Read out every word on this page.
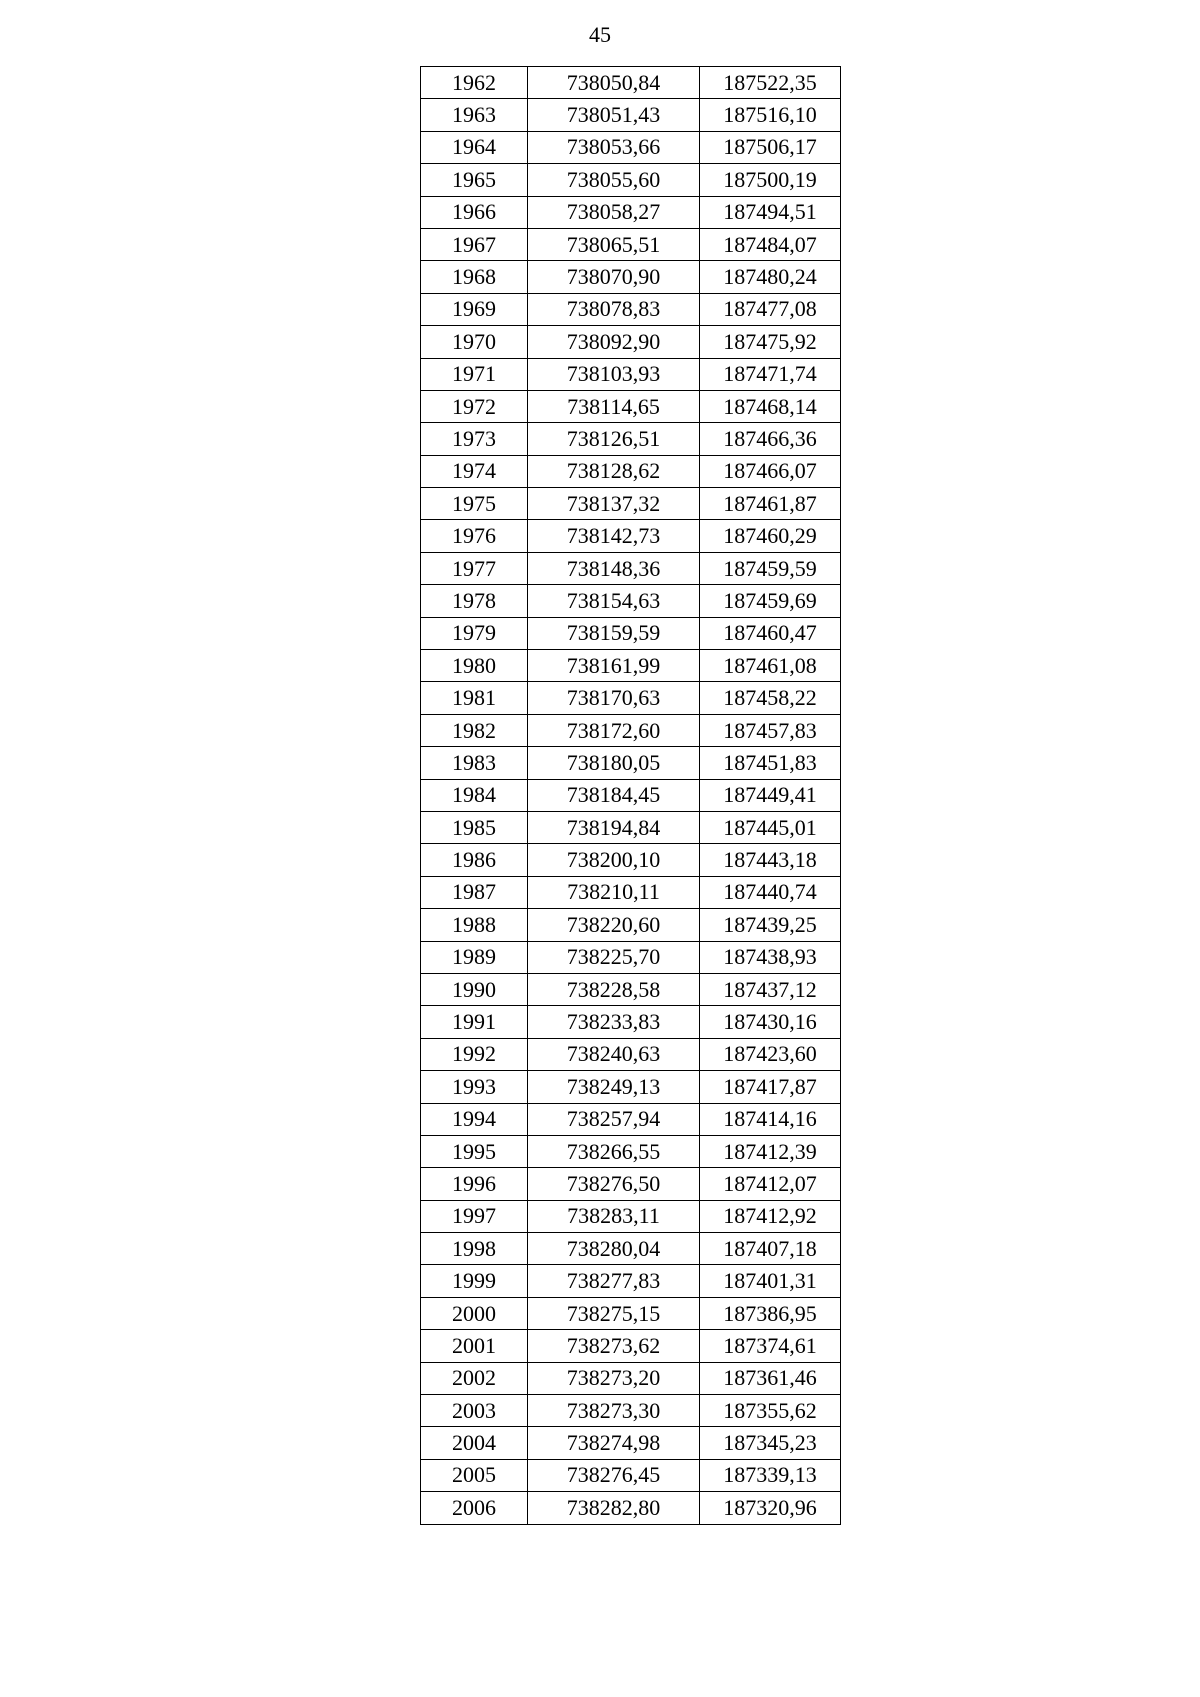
45
1962	738050,84	187522,35
1963	738051,43	187516,10
1964	738053,66	187506,17
1965	738055,60	187500,19
1966	738058,27	187494,51
1967	738065,51	187484,07
1968	738070,90	187480,24
1969	738078,83	187477,08
1970	738092,90	187475,92
1971	738103,93	187471,74
1972	738114,65	187468,14
1973	738126,51	187466,36
1974	738128,62	187466,07
1975	738137,32	187461,87
1976	738142,73	187460,29
1977	738148,36	187459,59
1978	738154,63	187459,69
1979	738159,59	187460,47
1980	738161,99	187461,08
1981	738170,63	187458,22
1982	738172,60	187457,83
1983	738180,05	187451,83
1984	738184,45	187449,41
1985	738194,84	187445,01
1986	738200,10	187443,18
1987	738210,11	187440,74
1988	738220,60	187439,25
1989	738225,70	187438,93
1990	738228,58	187437,12
1991	738233,83	187430,16
1992	738240,63	187423,60
1993	738249,13	187417,87
1994	738257,94	187414,16
1995	738266,55	187412,39
1996	738276,50	187412,07
1997	738283,11	187412,92
1998	738280,04	187407,18
1999	738277,83	187401,31
2000	738275,15	187386,95
2001	738273,62	187374,61
2002	738273,20	187361,46
2003	738273,30	187355,62
2004	738274,98	187345,23
2005	738276,45	187339,13
2006	738282,80	187320,96
